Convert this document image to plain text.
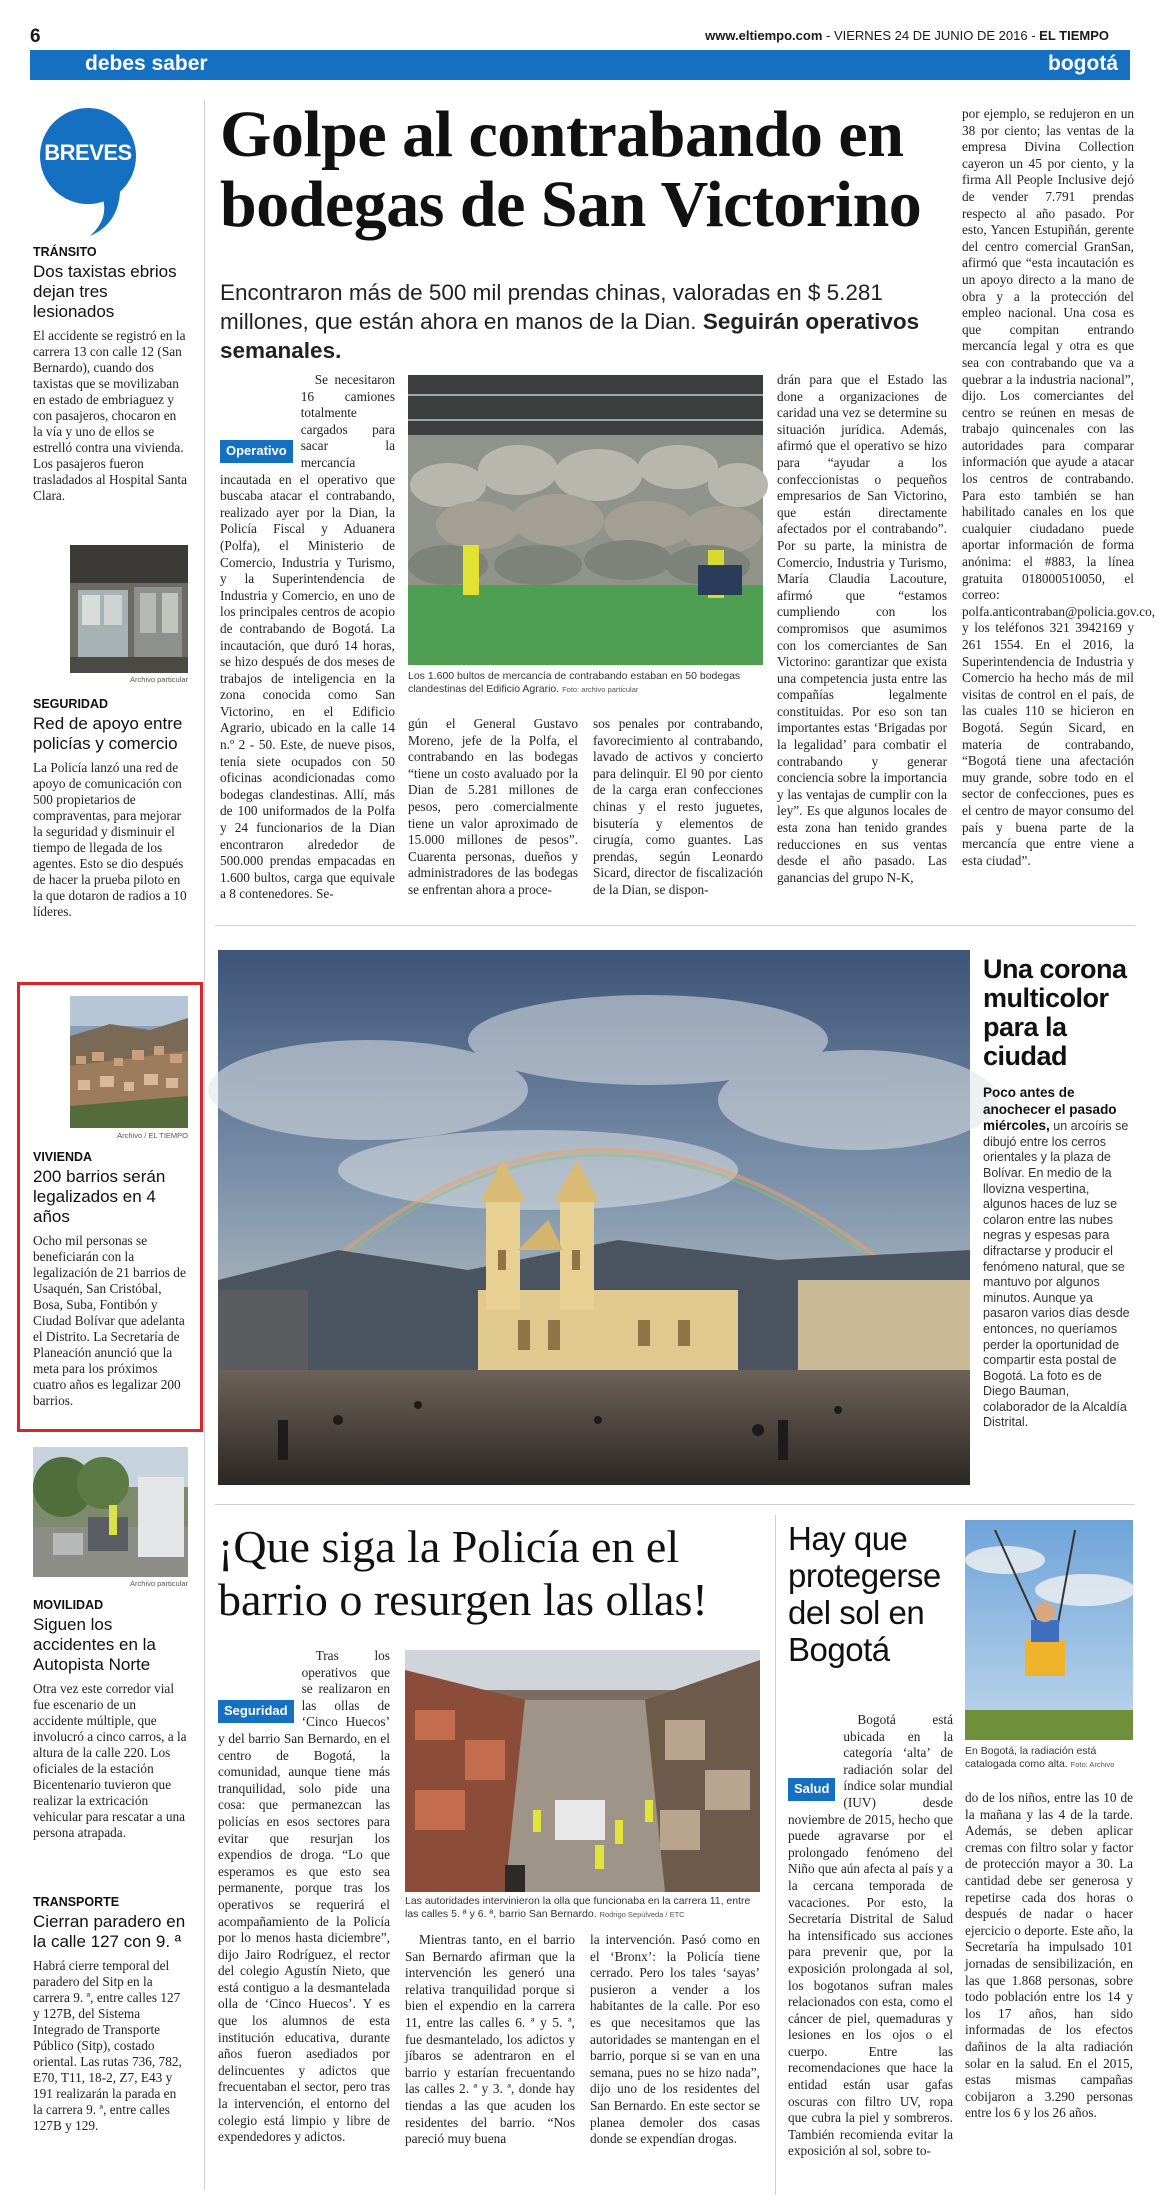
6	www.eltiempo.com - VIERNES 24 DE JUNIO DE 2016 - EL TIEMPO
debes saber	bogotá
BREVES
TRÁNSITO
Dos taxistas ebrios dejan tres lesionados
El accidente se registró en la carrera 13 con calle 12 (San Bernardo), cuando dos taxistas que se movilizaban en estado de embriaguez y con pasajeros, chocaron en la vía y uno de ellos se estrelló contra una vivienda. Los pasajeros fueron trasladados al Hospital Santa Clara.
Archivo particular
SEGURIDAD
Red de apoyo entre policías y comercio
La Policía lanzó una red de apoyo de comunicación con 500 propietarios de compraventas, para mejorar la seguridad y disminuir el tiempo de llegada de los agentes. Esto se dio después de hacer la prueba piloto en la que dotaron de radios a 10 líderes.
Archivo / EL TIEMPO
VIVIENDA
200 barrios serán legalizados en 4 años
Ocho mil personas se beneficiarán con la legalización de 21 barrios de Usaquén, San Cristóbal, Bosa, Suba, Fontibón y Ciudad Bolívar que adelanta el Distrito. La Secretaría de Planeación anunció que la meta para los próximos cuatro años es legalizar 200 barrios.
Archivo particular
MOVILIDAD
Siguen los accidentes en la Autopista Norte
Otra vez este corredor vial fue escenario de un accidente múltiple, que involucró a cinco carros, a la altura de la calle 220. Los oficiales de la estación Bicentenario tuvieron que realizar la extricación vehicular para rescatar a una persona atrapada.
TRANSPORTE
Cierran paradero en la calle 127 con 9. ª
Habrá cierre temporal del paradero del Sitp en la carrera 9. ª, entre calles 127 y 127B, del Sistema Integrado de Transporte Público (Sitp), costado oriental. Las rutas 736, 782, E70, T11, 18-2, Z7, E43 y 191 realizarán la parada en la carrera 9. ª, entre calles 127B y 129.
Golpe al contrabando en bodegas de San Victorino
Encontraron más de 500 mil prendas chinas, valoradas en $ 5.281 millones, que están ahora en manos de la Dian. Seguirán operativos semanales.
Operativo

Se necesitaron 16 camiones totalmente cargados para sacar la mercancía incautada en el operativo que buscaba atacar el contrabando, realizado ayer por la Dian, la Policía Fiscal y Aduanera (Polfa), el Ministerio de Comercio, Industria y Turismo, y la Superintendencia de Industria y Comercio, en uno de los principales centros de acopio de contrabando de Bogotá. La incautación, que duró 14 horas, se hizo después de dos meses de trabajos de inteligencia en la zona conocida como San Victorino, en el Edificio Agrario, ubicado en la calle 14 n.º 2 - 50. Este, de nueve pisos, tenía siete ocupados con 50 oficinas acondicionadas como bodegas clandestinas. Allí, más de 100 uniformados de la Polfa y 24 funcionarios de la Dian encontraron alrededor de 500.000 prendas empacadas en 1.600 bultos, carga que equivale a 8 contenedores. Se-

Los 1.600 bultos de mercancía de contrabando estaban en 50 bodegas clandestinas del Edificio Agrario. Foto: archivo particular

gún el General Gustavo Moreno, jefe de la Polfa, el contrabando en las bodegas “tiene un costo avaluado por la Dian de 5.281 millones de pesos, pero comercialmente tiene un valor aproximado de 15.000 millones de pesos”. Cuarenta personas, dueños y administradores de las bodegas se enfrentan ahora a proce-

sos penales por contrabando, favorecimiento al contrabando, lavado de activos y concierto para delinquir. El 90 por ciento de la carga eran confecciones chinas y el resto juguetes, bisutería y elementos de cirugía, como guantes. Las prendas, según Leonardo Sicard, director de fiscalización de la Dian, se dispon-

drán para que el Estado las done a organizaciones de caridad una vez se determine su situación jurídica. Además, afirmó que el operativo se hizo para “ayudar a los confeccionistas o pequeños empresarios de San Victorino, que están directamente afectados por el contrabando”. Por su parte, la ministra de Comercio, Industria y Turismo, María Claudia Lacouture, afirmó que “estamos cumpliendo con los compromisos que asumimos con los comerciantes de San Victorino: garantizar que exista una competencia justa entre las compañías legalmente constituidas. Por eso son tan importantes estas ‘Brigadas por la legalidad’ para combatir el contrabando y generar conciencia sobre la importancia y las ventajas de cumplir con la ley”. Es que algunos locales de esta zona han tenido grandes reducciones en sus ventas desde el año pasado. Las ganancias del grupo N-K,

por ejemplo, se redujeron en un 38 por ciento; las ventas de la empresa Divina Collection cayeron un 45 por ciento, y la firma All People Inclusive dejó de vender 7.791 prendas respecto al año pasado. Por esto, Yancen Estupiñán, gerente del centro comercial GranSan, afirmó que “esta incautación es un apoyo directo a la mano de obra y a la protección del empleo nacional. Una cosa es que compitan entrando mercancía legal y otra es que sea con contrabando que va a quebrar a la industria nacional”, dijo. Los comerciantes del centro se reúnen en mesas de trabajo quincenales con las autoridades para comparar información que ayude a atacar los centros de contrabando. Para esto también se han habilitado canales en los que cualquier ciudadano puede aportar información de forma anónima: el #883, la línea gratuita 018000510050, el correo: polfa.anticontraban@policia.gov.co, y los teléfonos 321 3942169 y 261 1554. En el 2016, la Superintendencia de Industria y Comercio ha hecho más de mil visitas de control en el país, de las cuales 110 se hicieron en Bogotá. Según Sicard, en materia de contrabando, “Bogotá tiene una afectación muy grande, sobre todo en el sector de confecciones, pues es el centro de mayor consumo del país y buena parte de la mercancía que entre viene a esta ciudad”.

Una corona multicolor para la ciudad
Poco antes de anochecer el pasado miércoles, un arcoíris se dibujó entre los cerros orientales y la plaza de Bolívar. En medio de la llovizna vespertina, algunos haces de luz se colaron entre las nubes negras y espesas para difractarse y producir el fenómeno natural, que se mantuvo por algunos minutos. Aunque ya pasaron varios días desde entonces, no queríamos perder la oportunidad de compartir esta postal de Bogotá. La foto es de Diego Bauman, colaborador de la Alcaldía Distrital.
¡Que siga la Policía en el barrio o resurgen las ollas!
Seguridad

Tras los operativos que se realizaron en las ollas de ‘Cinco Huecos’ y del barrio San Bernardo, en el centro de Bogotá, la comunidad, aunque tiene más tranquilidad, solo pide una cosa: que permanezcan las policías en esos sectores para evitar que resurjan los expendios de droga. “Lo que esperamos es que esto sea permanente, porque tras los operativos se requerirá el acompañamiento de la Policía por lo menos hasta diciembre”, dijo Jairo Rodríguez, el rector del colegio Agustín Nieto, que está contiguo a la desmantelada olla de ‘Cinco Huecos’. Y es que los alumnos de esta institución educativa, durante años fueron asediados por delincuentes y adictos que frecuentaban el sector, pero tras la intervención, el entorno del colegio está limpio y libre de expendedores y adictos.

Las autoridades intervinieron la olla que funcionaba en la carrera 11, entre las calles 5. ª y 6. ª, barrio San Bernardo. Rodrigo Sepúlveda / ETC

Mientras tanto, en el barrio San Bernardo afirman que la intervención les generó una relativa tranquilidad porque si bien el expendio en la carrera 11, entre las calles 6. ª y 5. ª, fue desmantelado, los adictos y jíbaros se adentraron en el barrio y estarían frecuentando las calles 2. ª y 3. ª, donde hay tiendas a las que acuden los residentes del barrio. “Nos pareció muy buena

la intervención. Pasó como en el ‘Bronx’: la Policía tiene cerrado. Pero los tales ‘sayas’ pusieron a vender a los habitantes de la calle. Por eso es que necesitamos que las autoridades se mantengan en el barrio, porque si se van en una semana, pues no se hizo nada”, dijo uno de los residentes del San Bernardo. En este sector se planea demoler dos casas donde se expendían drogas.

Hay que protegerse del sol en Bogotá
En Bogotá, la radiación está catalogada como alta. Foto: Archivo
Salud

Bogotá está ubicada en la categoría ‘alta’ de radiación solar del índice solar mundial (IUV) desde noviembre de 2015, hecho que puede agravarse por el prolongado fenómeno del Niño que aún afecta al país y a la cercana temporada de vacaciones. Por esto, la Secretaría Distrital de Salud ha intensificado sus acciones para prevenir que, por la exposición prolongada al sol, los bogotanos sufran males relacionados con esta, como el cáncer de piel, quemaduras y lesiones en los ojos o el cuerpo. Entre las recomendaciones que hace la entidad están usar gafas oscuras con filtro UV, ropa que cubra la piel y sombreros. También recomienda evitar la exposición al sol, sobre to-

do de los niños, entre las 10 de la mañana y las 4 de la tarde. Además, se deben aplicar cremas con filtro solar y factor de protección mayor a 30. La cantidad debe ser generosa y repetirse cada dos horas o después de nadar o hacer ejercicio o deporte. Este año, la Secretaría ha impulsado 101 jornadas de sensibilización, en las que 1.868 personas, sobre todo población entre los 14 y los 17 años, han sido informadas de los efectos dañinos de la alta radiación solar en la salud. En el 2015, estas mismas campañas cobijaron a 3.290 personas entre los 6 y los 26 años.
